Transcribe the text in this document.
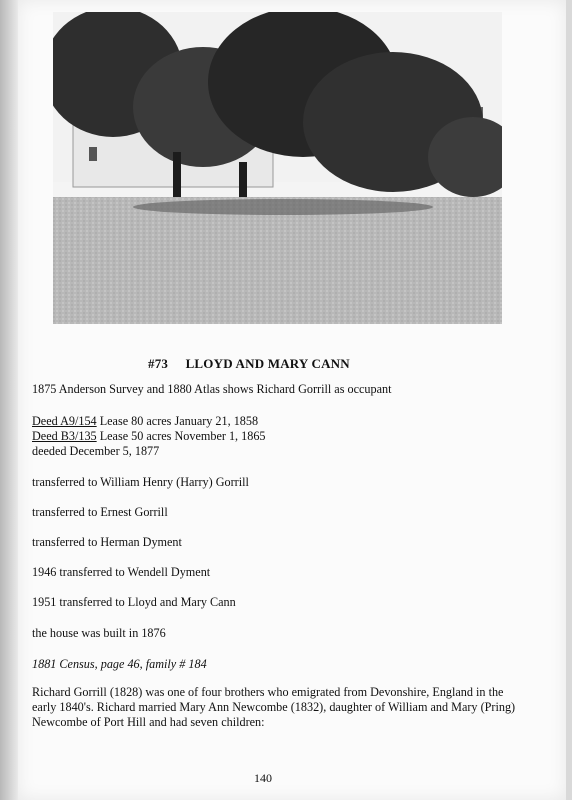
#73 LLOYD AND MARY CANN
1875 Anderson Survey and 1880 Atlas shows Richard Gorrill as occupant
Deed A9/154 Lease 80 acres January 21, 1858
Deed B3/135 Lease 50 acres November 1, 1865
deeded December 5, 1877
transferred to William Henry (Harry) Gorrill
transferred to Ernest Gorrill
transferred to Herman Dyment
1946 transferred to Wendell Dyment
1951 transferred to Lloyd and Mary Cann
the house was built in 1876
1881 Census, page 46, family # 184
Richard Gorrill (1828) was one of four brothers who emigrated from Devonshire, England in the early 1840's. Richard married Mary Ann Newcombe (1832), daughter of William and Mary (Pring) Newcombe of Port Hill and had seven children:
140
